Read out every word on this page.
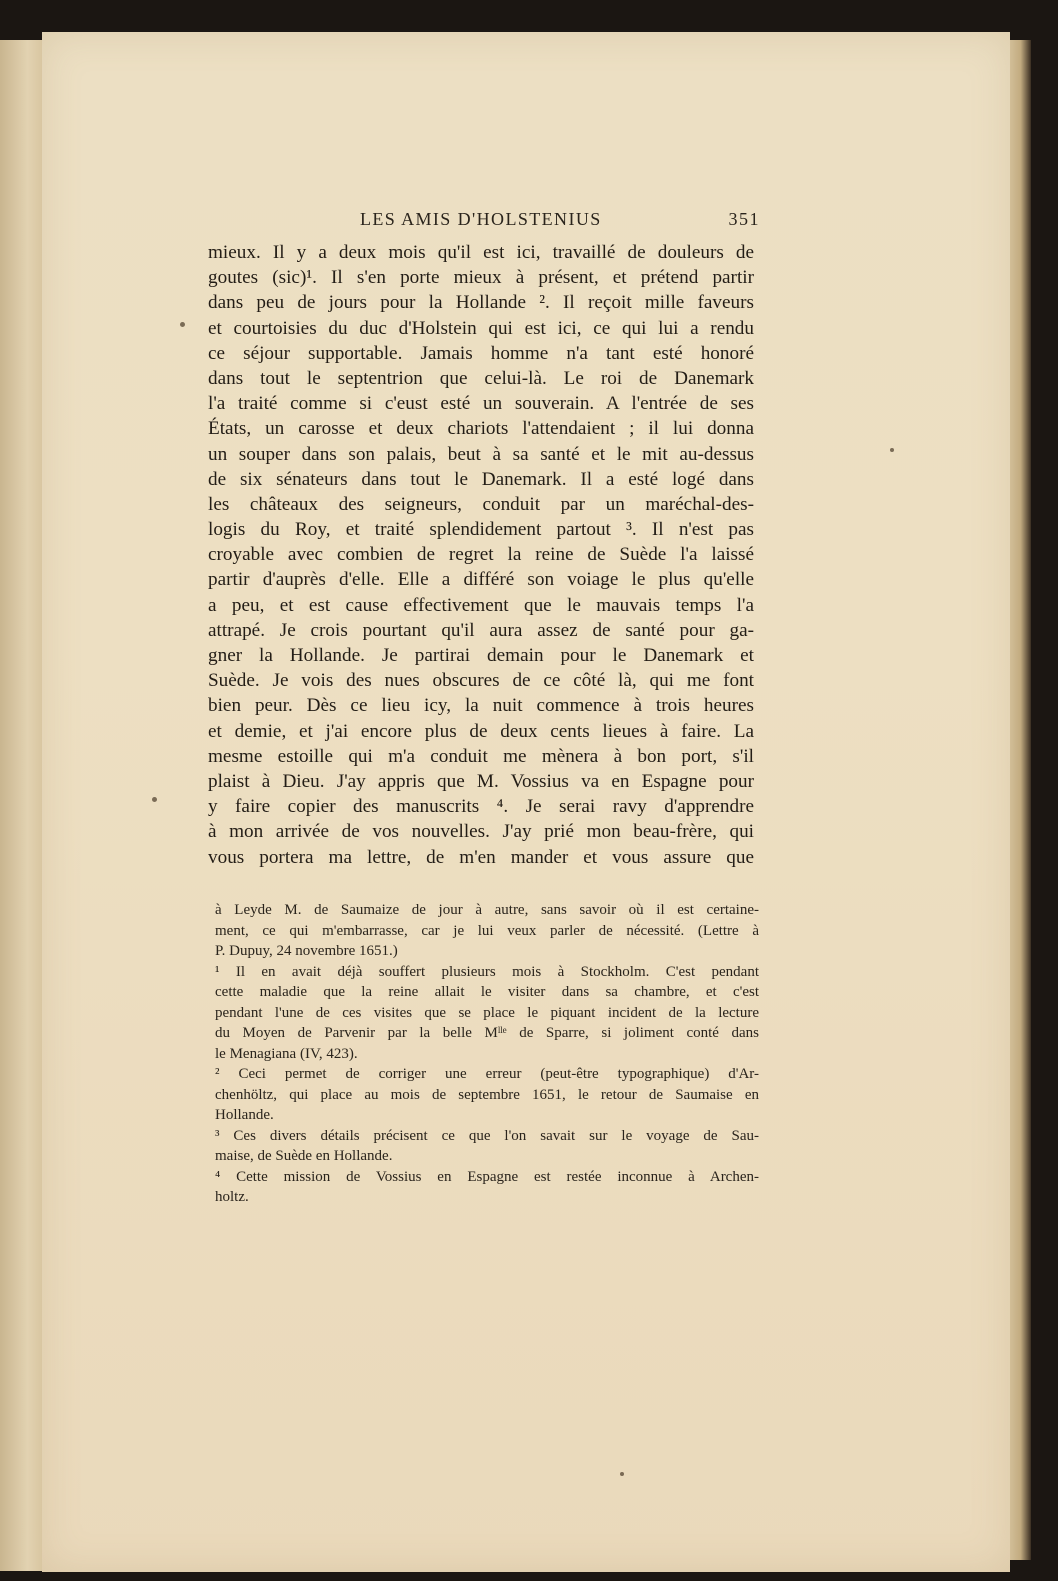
LES AMIS D'HOLSTENIUS	351
mieux. Il y a deux mois qu'il est ici, travaillé de douleurs de
goutes (sic)¹. Il s'en porte mieux à présent, et prétend partir
dans peu de jours pour la Hollande ². Il reçoit mille faveurs
et courtoisies du duc d'Holstein qui est ici, ce qui lui a rendu
ce séjour supportable. Jamais homme n'a tant esté honoré
dans tout le septentrion que celui-là. Le roi de Danemark
l'a traité comme si c'eust esté un souverain. A l'entrée de ses
États, un carosse et deux chariots l'attendaient ; il lui donna
un souper dans son palais, beut à sa santé et le mit au-dessus
de six sénateurs dans tout le Danemark. Il a esté logé dans
les châteaux des seigneurs, conduit par un maréchal-des-
logis du Roy, et traité splendidement partout ³. Il n'est pas
croyable avec combien de regret la reine de Suède l'a laissé
partir d'auprès d'elle. Elle a différé son voiage le plus qu'elle
a peu, et est cause effectivement que le mauvais temps l'a
attrapé. Je crois pourtant qu'il aura assez de santé pour ga-
gner la Hollande. Je partirai demain pour le Danemark et
Suède. Je vois des nues obscures de ce côté là, qui me font
bien peur. Dès ce lieu icy, la nuit commence à trois heures
et demie, et j'ai encore plus de deux cents lieues à faire. La
mesme estoille qui m'a conduit me mènera à bon port, s'il
plaist à Dieu. J'ay appris que M. Vossius va en Espagne pour
y faire copier des manuscrits ⁴. Je serai ravy d'apprendre
à mon arrivée de vos nouvelles. J'ay prié mon beau-frère, qui
vous portera ma lettre, de m'en mander et vous assure que
à Leyde M. de Saumaize de jour à autre, sans savoir où il est certaine-
ment, ce qui m'embarrasse, car je lui veux parler de nécessité. (Lettre à
P. Dupuy, 24 novembre 1651.)
¹ Il en avait déjà souffert plusieurs mois à Stockholm. C'est pendant
cette maladie que la reine allait le visiter dans sa chambre, et c'est
pendant l'une de ces visites que se place le piquant incident de la lecture
du Moyen de Parvenir par la belle Mˡˡᵉ de Sparre, si joliment conté dans
le Menagiana (IV, 423).
² Ceci permet de corriger une erreur (peut-être typographique) d'Ar-
chenhöltz, qui place au mois de septembre 1651, le retour de Saumaise en
Hollande.
³ Ces divers détails précisent ce que l'on savait sur le voyage de Sau-
maise, de Suède en Hollande.
⁴ Cette mission de Vossius en Espagne est restée inconnue à Archen-
holtz.
